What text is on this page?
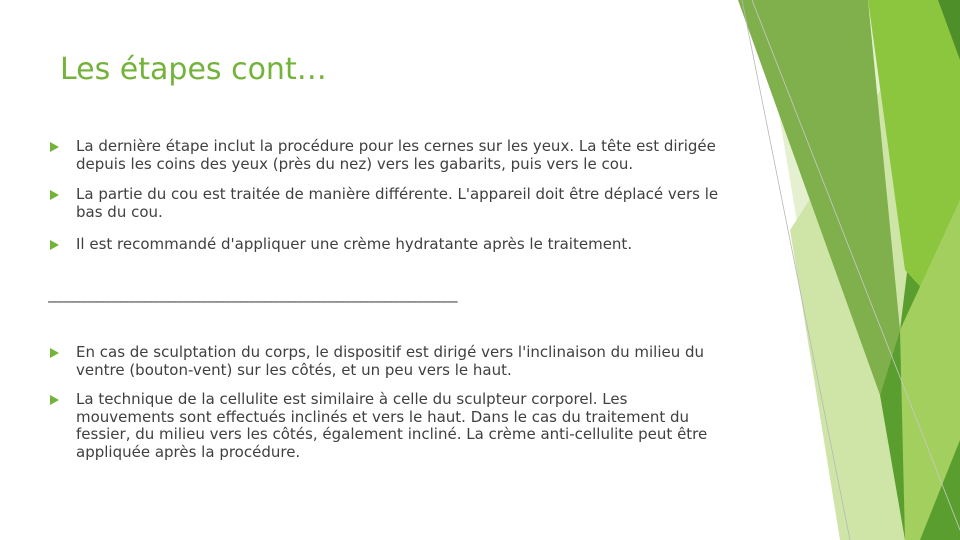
Les étapes cont…
La dernière étape inclut la procédure pour les cernes sur les yeux. La tête est dirigée depuis les coins des yeux (près du nez) vers les gabarits, puis vers le cou.
La partie du cou est traitée de manière différente. L'appareil doit être déplacé vers le bas du cou.
Il est recommandé d'appliquer une crème hydratante après le traitement.
____________________________________________________________________
En cas de sculptation du corps, le dispositif est dirigé vers l'inclinaison du milieu du ventre (bouton-vent) sur les côtés, et un peu vers le haut.
La technique de la cellulite est similaire à celle du sculpteur corporel. Les mouvements sont effectués inclinés et vers le haut. Dans le cas du traitement du fessier, du milieu vers les côtés, également incliné. La crème anti-cellulite peut être appliquée après la procédure.
